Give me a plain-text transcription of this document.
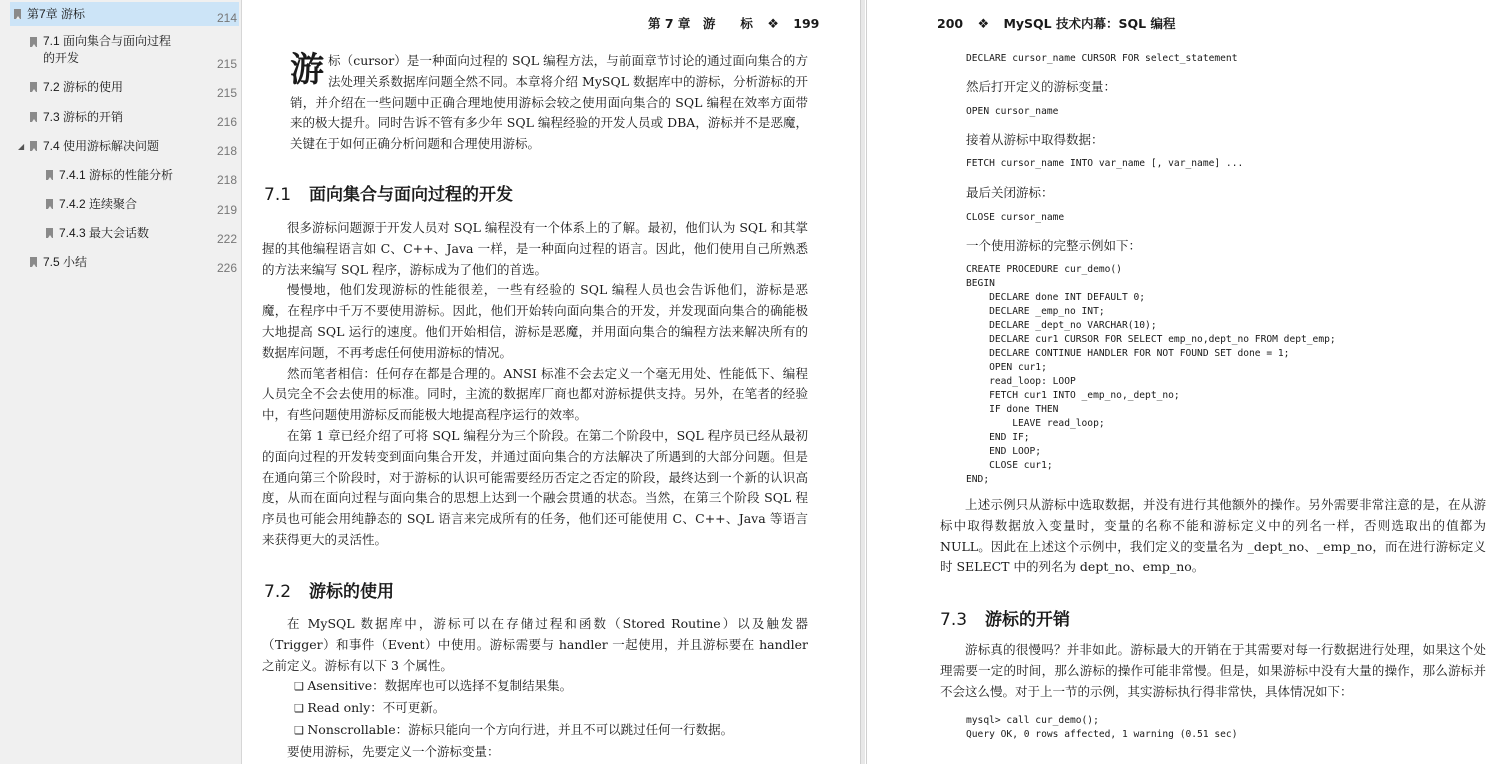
第7章 游标	214
7.1 面向集合与面向过程
的开发	215
7.2 游标的使用	215
7.3 游标的开销	216
◢ 7.4 使用游标解决问题	218
7.4.1 游标的性能分析	218
7.4.2 连续聚合	219
7.4.3 最大会话数	222
7.5 小结	226
第 7 章　游　　标 ❖ 199

游标（cursor）是一种面向过程的 SQL 编程方法，与前面章节讨论的通过面向集合的方法处理关系数据库问题全然不同。本章将介绍 MySQL 数据库中的游标，分析游标的开销，并介绍在一些问题中正确合理地使用游标会较之使用面向集合的 SQL 编程在效率方面带来的极大提升。同时告诉不管有多少年 SQL 编程经验的开发人员或 DBA，游标并不是恶魔，关键在于如何正确分析问题和合理使用游标。

7.1 面向集合与面向过程的开发

很多游标问题源于开发人员对 SQL 编程没有一个体系上的了解。最初，他们认为 SQL 和其掌握的其他编程语言如 C、C++、Java 一样，是一种面向过程的语言。因此，他们使用自己所熟悉的方法来编写 SQL 程序，游标成为了他们的首选。

慢慢地，他们发现游标的性能很差，一些有经验的 SQL 编程人员也会告诉他们，游标是恶魔，在程序中千万不要使用游标。因此，他们开始转向面向集合的开发，并发现面向集合的确能极大地提高 SQL 运行的速度。他们开始相信，游标是恶魔，并用面向集合的编程方法来解决所有的数据库问题，不再考虑任何使用游标的情况。

然而笔者相信：任何存在都是合理的。ANSI 标准不会去定义一个毫无用处、性能低下、编程人员完全不会去使用的标准。同时，主流的数据库厂商也都对游标提供支持。另外，在笔者的经验中，有些问题使用游标反而能极大地提高程序运行的效率。

在第 1 章已经介绍了可将 SQL 编程分为三个阶段。在第二个阶段中，SQL 程序员已经从最初的面向过程的开发转变到面向集合开发，并通过面向集合的方法解决了所遇到的大部分问题。但是在通向第三个阶段时，对于游标的认识可能需要经历否定之否定的阶段，最终达到一个新的认识高度，从而在面向过程与面向集合的思想上达到一个融会贯通的状态。当然，在第三个阶段 SQL 程序员也可能会用纯静态的 SQL 语言来完成所有的任务，他们还可能使用 C、C++、Java 等语言来获得更大的灵活性。

7.2 游标的使用

在 MySQL 数据库中，游标可以在存储过程和函数（Stored Routine）以及触发器（Trigger）和事件（Event）中使用。游标需要与 handler 一起使用，并且游标要在 handler 之前定义。游标有以下 3 个属性。

❑ Asensitive：数据库也可以选择不复制结果集。
❑ Read only：不可更新。
❑ Nonscrollable：游标只能向一个方向行进，并且不可以跳过任何一行数据。

要使用游标，先要定义一个游标变量：

200 ❖ MySQL 技术内幕：SQL 编程
DECLARE cursor_name CURSOR FOR select_statement
然后打开定义的游标变量：
OPEN cursor_name
接着从游标中取得数据：
FETCH cursor_name INTO var_name [, var_name] ...
最后关闭游标：
CLOSE cursor_name
一个使用游标的完整示例如下：
CREATE PROCEDURE cur_demo()
BEGIN
DECLARE done INT DEFAULT 0;
DECLARE _emp_no INT;
DECLARE _dept_no VARCHAR(10);
DECLARE cur1 CURSOR FOR SELECT emp_no,dept_no FROM dept_emp;
DECLARE CONTINUE HANDLER FOR NOT FOUND SET done = 1;
OPEN cur1;
read_loop: LOOP
FETCH cur1 INTO _emp_no,_dept_no;
IF done THEN
LEAVE read_loop;
END IF;
END LOOP;
CLOSE cur1;
END;

上述示例只从游标中选取数据，并没有进行其他额外的操作。另外需要非常注意的是，在从游标中取得数据放入变量时，变量的名称不能和游标定义中的列名一样，否则选取出的值都为 NULL。因此在上述这个示例中，我们定义的变量名为 _dept_no、_emp_no，而在进行游标定义时 SELECT 中的列名为 dept_no、emp_no。

7.3 游标的开销

游标真的很慢吗？并非如此。游标最大的开销在于其需要对每一行数据进行处理，如果这个处理需要一定的时间，那么游标的操作可能非常慢。但是，如果游标中没有大量的操作，那么游标并不会这么慢。对于上一节的示例，其实游标执行得非常快，具体情况如下：

mysql> call cur_demo();
Query OK, 0 rows affected, 1 warning (0.51 sec)
